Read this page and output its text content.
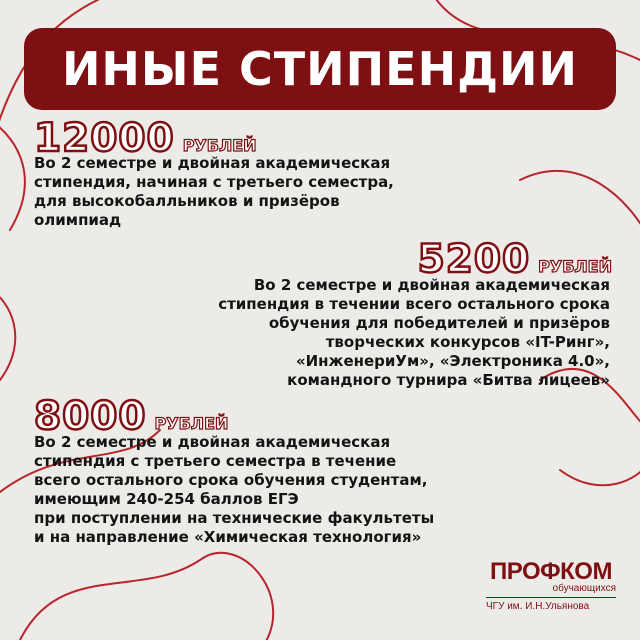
ИНЫЕ СТИПЕНДИИ
12000 РУБЛЕЙ
Во 2 семестре и двойная академическая
стипендия, начиная с третьего семестра,
для высокобалльников и призёров
олимпиад
5200 РУБЛЕЙ
Во 2 семестре и двойная академическая
стипендия в течении всего остального срока
обучения для победителей и призёров
творческих конкурсов «IT-Ринг»,
«ИнженериУм», «Электроника 4.0»,
командного турнира «Битва лицеев»
8000 РУБЛЕЙ
Во 2 семестре и двойная академическая
стипендия с третьего семестра в течение
всего остального срока обучения студентам,
имеющим 240-254 баллов ЕГЭ
при поступлении на технические факультеты
и на направление «Химическая технология»
ПРОФКОМ
обучающихся
ЧГУ им. И.Н.Ульянова
